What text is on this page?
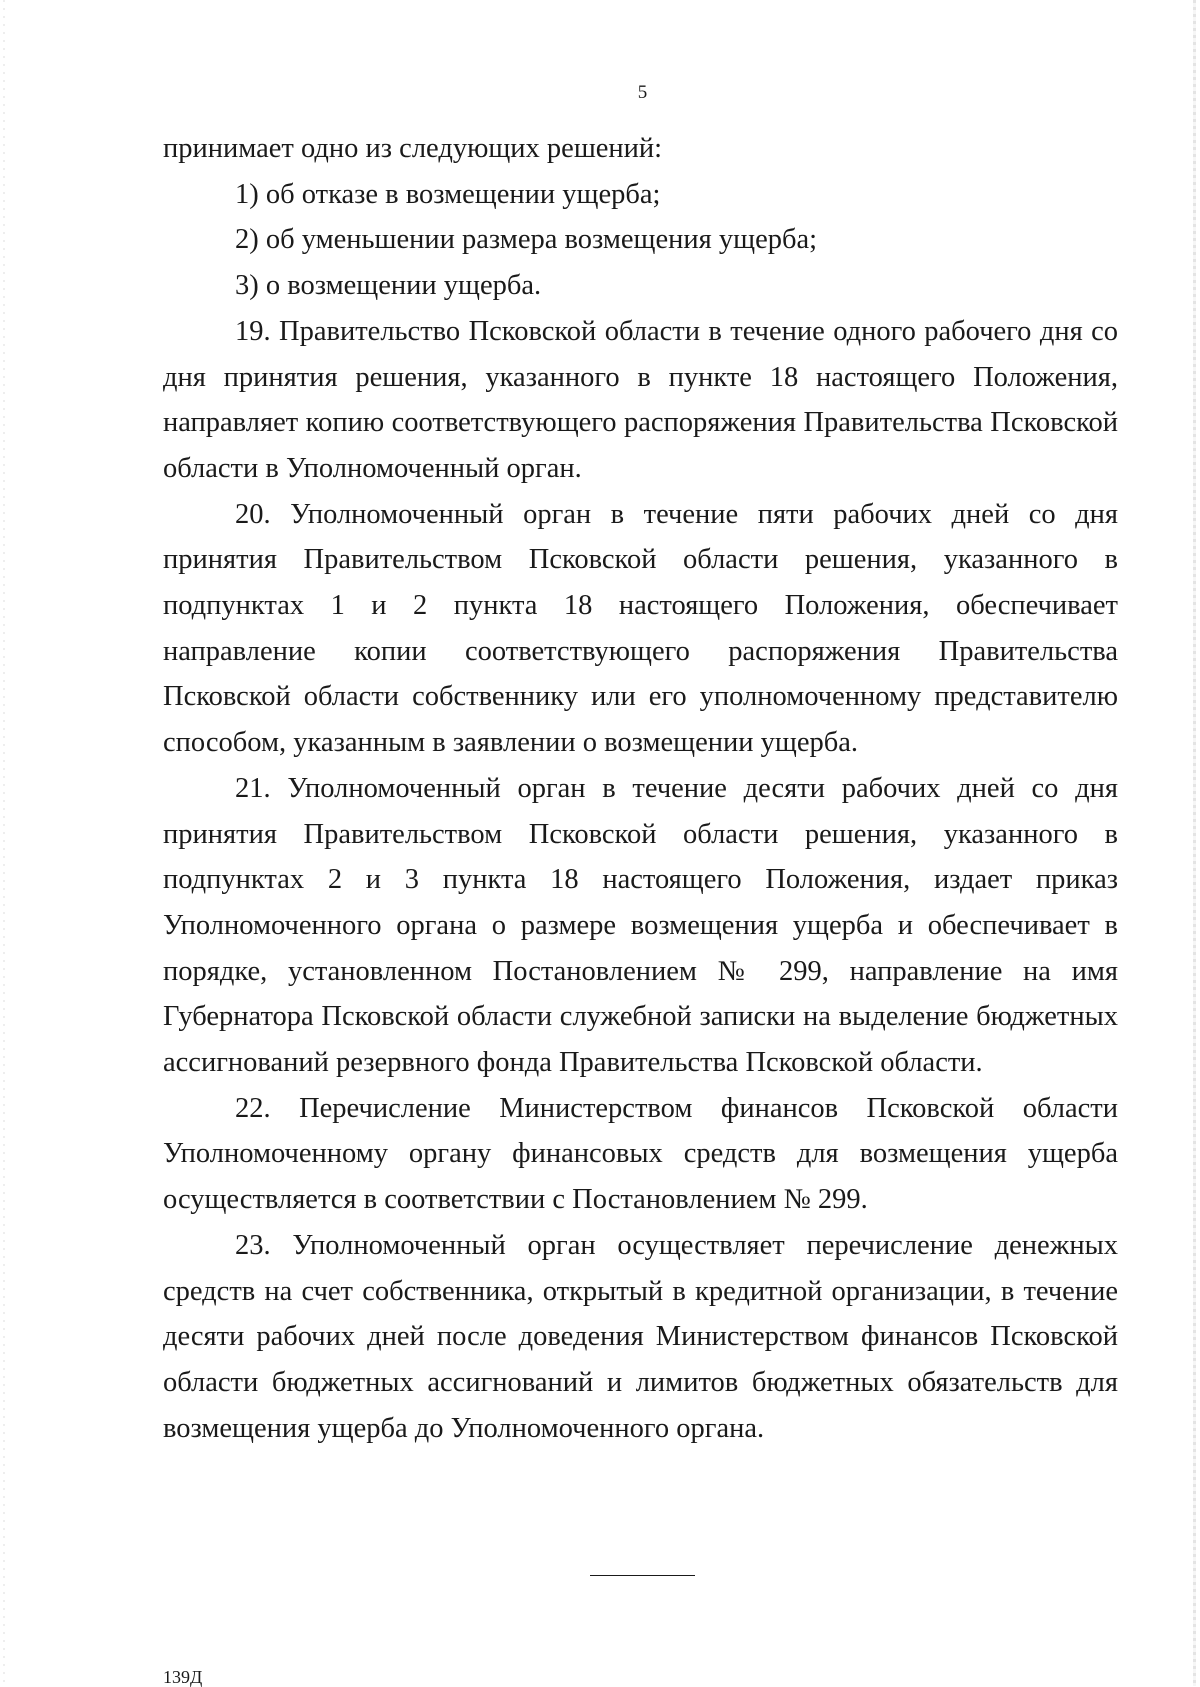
5

принимает одно из следующих решений:

1) об отказе в возмещении ущерба;

2) об уменьшении размера возмещения ущерба;

3) о возмещении ущерба.

19. Правительство Псковской области в течение одного рабочего дня со дня принятия решения, указанного в пункте 18 настоящего Положения, направляет копию соответствующего распоряжения Правительства Псковской области в Уполномоченный орган.

20. Уполномоченный орган в течение пяти рабочих дней со дня принятия Правительством Псковской области решения, указанного в подпунктах 1 и 2 пункта 18 настоящего Положения, обеспечивает направление копии соответствующего распоряжения Правительства Псковской области собственнику или его уполномоченному представителю способом, указанным в заявлении о возмещении ущерба.

21. Уполномоченный орган в течение десяти рабочих дней со дня принятия Правительством Псковской области решения, указанного в подпунктах 2 и 3 пункта 18 настоящего Положения, издает приказ Уполномоченного органа о размере возмещения ущерба и обеспечивает в порядке, установленном Постановлением № 299, направление на имя Губернатора Псковской области служебной записки на выделение бюджетных ассигнований резервного фонда Правительства Псковской области.

22. Перечисление Министерством финансов Псковской области Уполномоченному органу финансовых средств для возмещения ущерба осуществляется в соответствии с Постановлением № 299.

23. Уполномоченный орган осуществляет перечисление денежных средств на счет собственника, открытый в кредитной организации, в течение десяти рабочих дней после доведения Министерством финансов Псковской области бюджетных ассигнований и лимитов бюджетных обязательств для возмещения ущерба до Уполномоченного органа.

139Д
